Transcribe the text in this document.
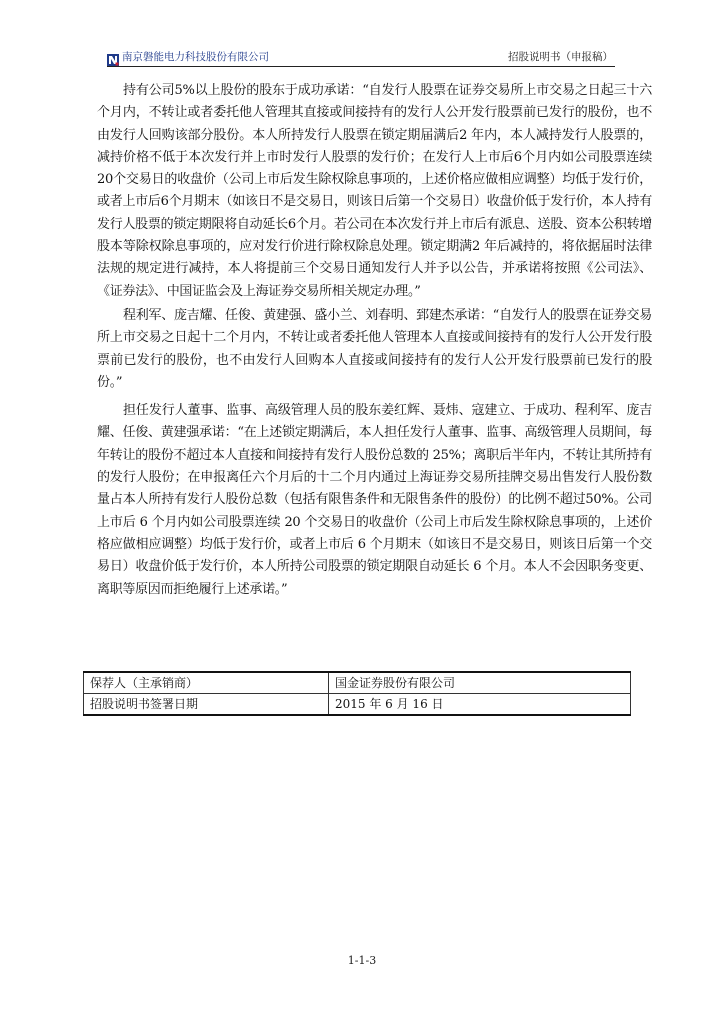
南京磐能电力科技股份有限公司	招股说明书（申报稿）

持有公司5%以上股份的股东于成功承诺：“自发行人股票在证券交易所上市交易之日起三十六个月内，不转让或者委托他人管理其直接或间接持有的发行人公开发行股票前已发行的股份，也不由发行人回购该部分股份。本人所持发行人股票在锁定期届满后2 年内，本人减持发行人股票的，减持价格不低于本次发行并上市时发行人股票的发行价；在发行人上市后6个月内如公司股票连续20个交易日的收盘价（公司上市后发生除权除息事项的，上述价格应做相应调整）均低于发行价，或者上市后6个月期末（如该日不是交易日，则该日后第一个交易日）收盘价低于发行价，本人持有发行人股票的锁定期限将自动延长6个月。若公司在本次发行并上市后有派息、送股、资本公积转增股本等除权除息事项的，应对发行价进行除权除息处理。锁定期满2 年后减持的，将依据届时法律法规的规定进行减持，本人将提前三个交易日通知发行人并予以公告，并承诺将按照《公司法》、《证券法》、中国证监会及上海证券交易所相关规定办理。”

程利军、庞吉耀、任俊、黄建强、盛小兰、刘春明、郅建杰承诺：“自发行人的股票在证券交易所上市交易之日起十二个月内，不转让或者委托他人管理本人直接或间接持有的发行人公开发行股票前已发行的股份，也不由发行人回购本人直接或间接持有的发行人公开发行股票前已发行的股份。”

担任发行人董事、监事、高级管理人员的股东姜红辉、聂炜、寇建立、于成功、程利军、庞吉耀、任俊、黄建强承诺：“在上述锁定期满后，本人担任发行人董事、监事、高级管理人员期间，每年转让的股份不超过本人直接和间接持有发行人股份总数的 25%；离职后半年内，不转让其所持有的发行人股份；在申报离任六个月后的十二个月内通过上海证券交易所挂牌交易出售发行人股份数量占本人所持有发行人股份总数（包括有限售条件和无限售条件的股份）的比例不超过50%。公司上市后 6 个月内如公司股票连续 20 个交易日的收盘价（公司上市后发生除权除息事项的，上述价格应做相应调整）均低于发行价，或者上市后 6 个月期末（如该日不是交易日，则该日后第一个交易日）收盘价低于发行价，本人所持公司股票的锁定期限自动延长 6 个月。本人不会因职务变更、离职等原因而拒绝履行上述承诺。”

保荐人（主承销商）	国金证券股份有限公司
招股说明书签署日期	2015 年 6 月 16 日
1-1-3
